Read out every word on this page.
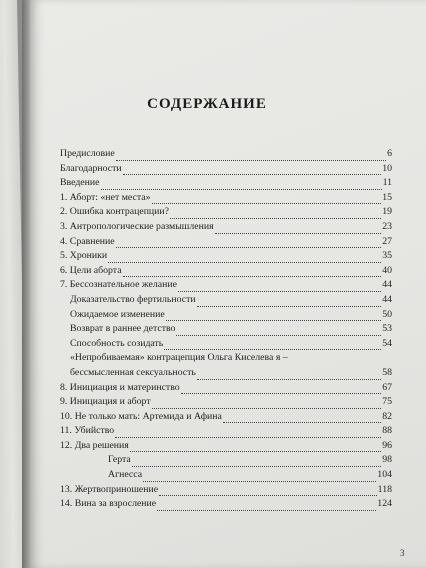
СОДЕРЖАНИЕ
Предисловие	6
Благодарности	10
Введение	11
1. Аборт: «нет места»	15
2. Ошибка контрацепции?	19
3. Антропологические размышления	23
4. Сравнение	27
5. Хроники	35
6. Цели аборта	40
7. Бессознательное желание	44
Доказательство фертильности	44
Ожидаемое изменение	50
Возврат в раннее детство	53
Способность созидать	54
«Непробиваемая» контрацепция Ольга Киселева я –
бессмысленная сексуальность	58
8. Инициация и материнство	67
9. Инициация и аборт	75
10. Не только мать: Артемида и Афина	82
11. Убийство	88
12. Два решения	96
Герта	98
Агнесса	104
13. Жертвоприношение	118
14. Вина за взросление	124
3
